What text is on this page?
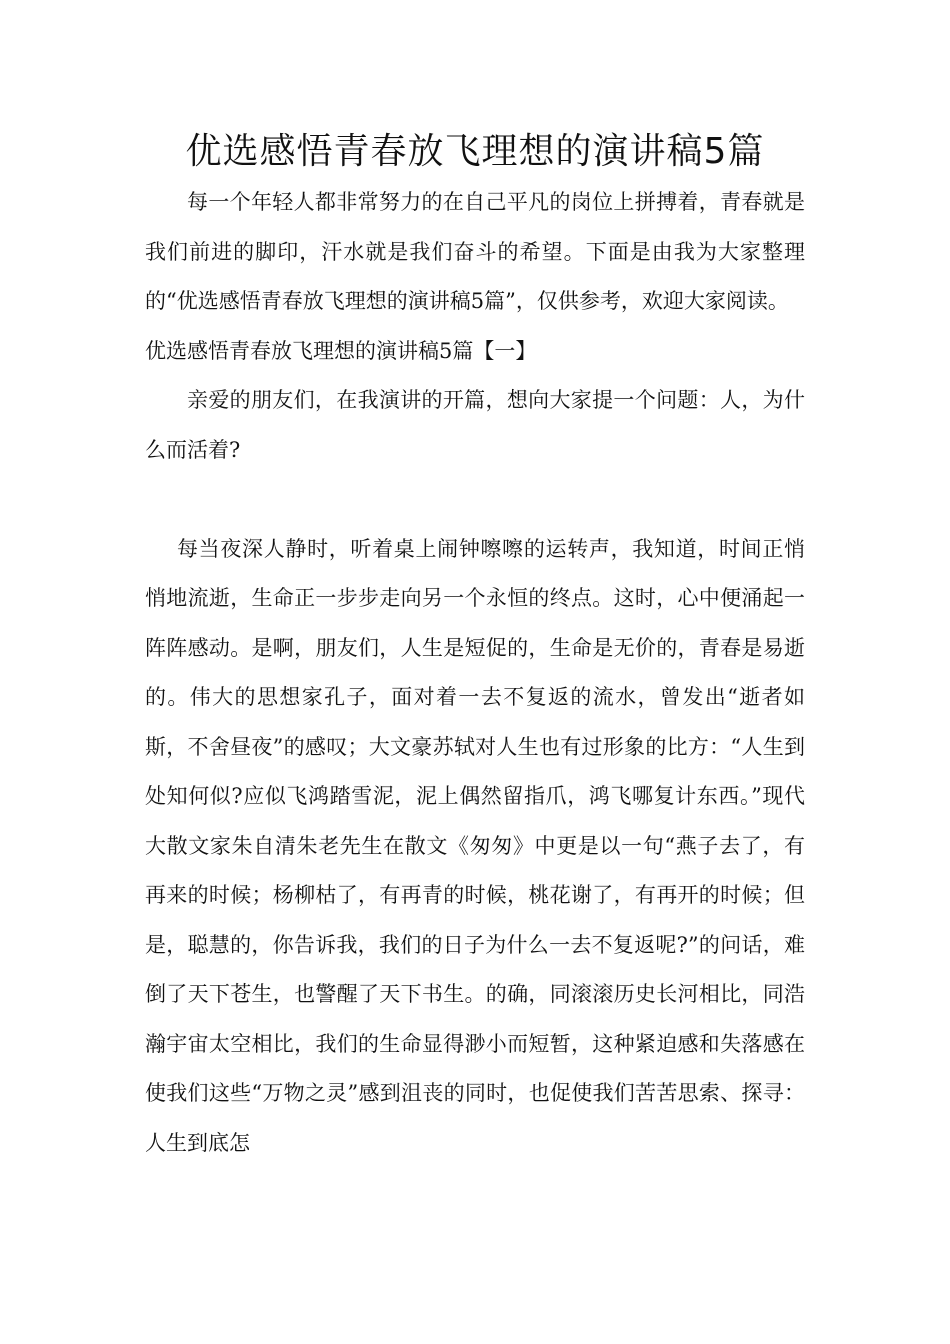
优选感悟青春放飞理想的演讲稿5篇

每一个年轻人都非常努力的在自己平凡的岗位上拼搏着，青春就是我们前进的脚印，汗水就是我们奋斗的希望。下面是由我为大家整理的“优选感悟青春放飞理想的演讲稿5篇”，仅供参考，欢迎大家阅读。

优选感悟青春放飞理想的演讲稿5篇【一】

亲爱的朋友们，在我演讲的开篇，想向大家提一个问题：人，为什么而活着?

每当夜深人静时，听着桌上闹钟嚓嚓的运转声，我知道，时间正悄悄地流逝，生命正一步步走向另一个永恒的终点。这时，心中便涌起一阵阵感动。是啊，朋友们，人生是短促的，生命是无价的，青春是易逝的。伟大的思想家孔子，面对着一去不复返的流水，曾发出“逝者如斯，不舍昼夜”的感叹；大文豪苏轼对人生也有过形象的比方：“人生到处知何似?应似飞鸿踏雪泥，泥上偶然留指爪，鸿飞哪复计东西。”现代大散文家朱自清朱老先生在散文《匆匆》中更是以一句“燕子去了，有再来的时候；杨柳枯了，有再青的时候，桃花谢了，有再开的时候；但是，聪慧的，你告诉我，我们的日子为什么一去不复返呢?”的问话，难倒了天下苍生，也警醒了天下书生。的确，同滚滚历史长河相比，同浩瀚宇宙太空相比，我们的生命显得渺小而短暂，这种紧迫感和失落感在使我们这些“万物之灵”感到沮丧的同时，也促使我们苦苦思索、探寻：人生到底怎
